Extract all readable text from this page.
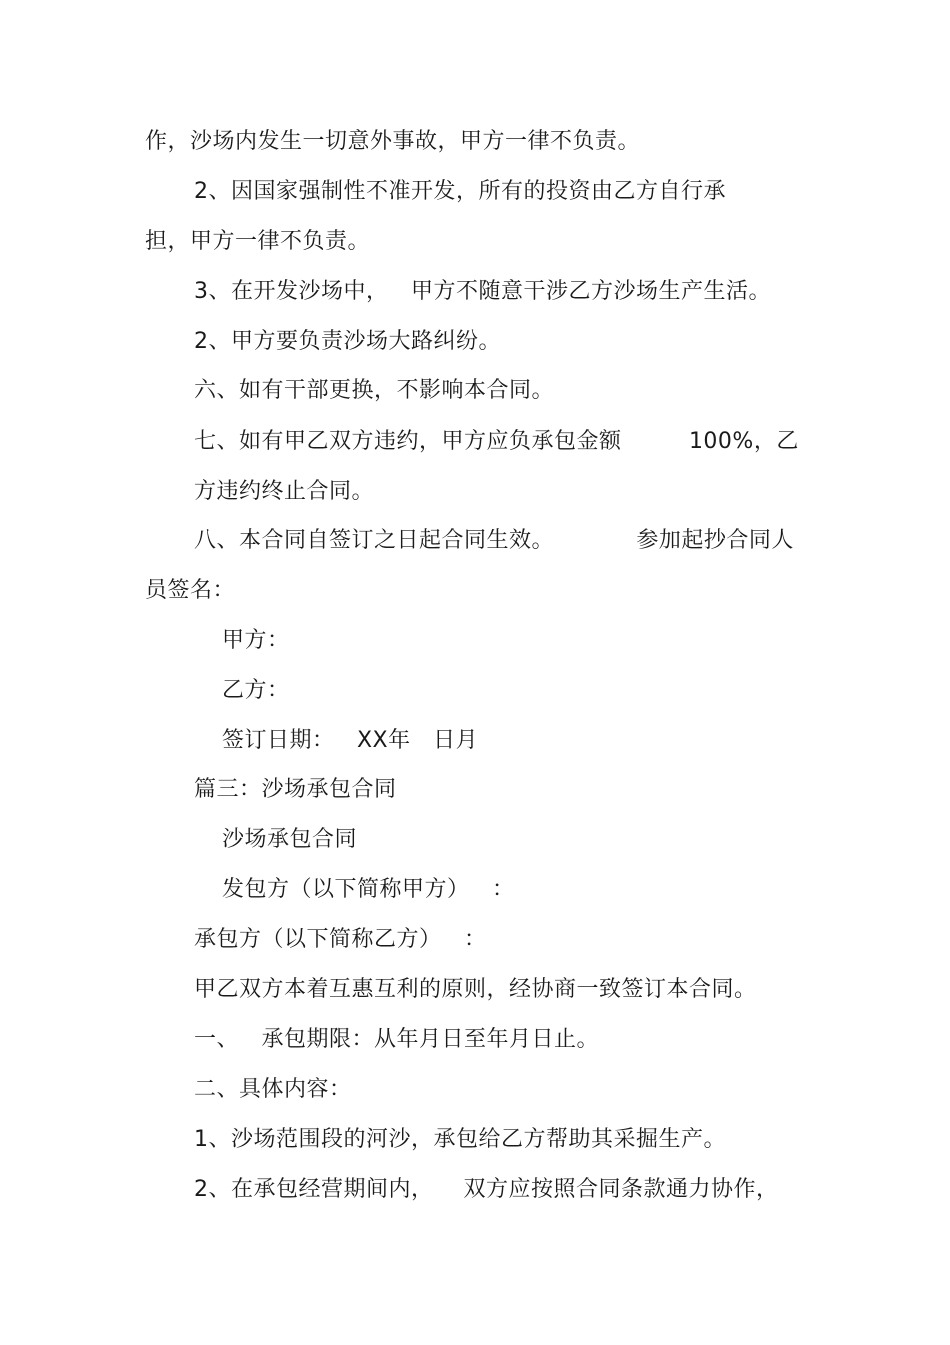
作，沙场内发生一切意外事故，甲方一律不负责。
2、因国家强制性不准开发，所有的投资由乙方自行承
担，甲方一律不负责。
3、在开发沙场中，   甲方不随意干涉乙方沙场生产生活。
2、甲方要负责沙场大路纠纷。
六、如有干部更换，不影响本合同。
七、如有甲乙双方违约，甲方应负承包金额         100%，乙
方违约终止合同。
八、本合同自签订之日起合同生效。           参加起抄合同人
员签名：
甲方：
乙方：
签订日期：   XX年   日月
篇三：沙场承包合同
沙场承包合同
发包方（以下简称甲方）   ：
承包方（以下简称乙方）   ：
甲乙双方本着互惠互利的原则，经协商一致签订本合同。
一、   承包期限：从年月日至年月日止。
二、具体内容：
1、沙场范围段的河沙，承包给乙方帮助其采掘生产。
2、在承包经营期间内，    双方应按照合同条款通力协作，
